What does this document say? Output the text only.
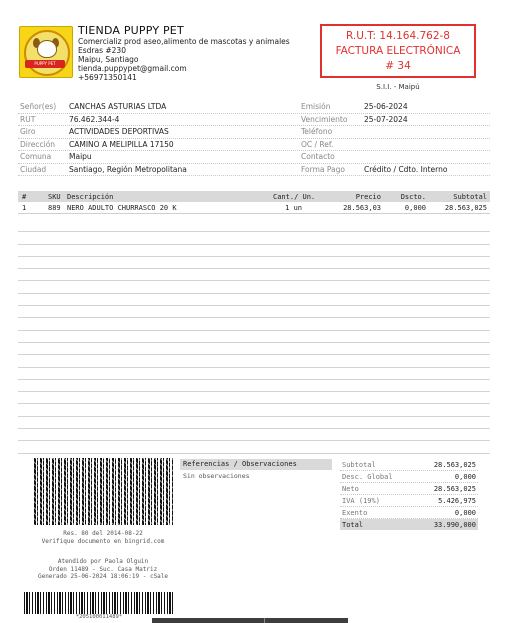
PUPPY PET
TIENDA PUPPY PET
Comercializ prod aseo,alimento de mascotas y animales
Esdras #230
Maipu, Santiago
tienda.puppypet@gmail.com
+56971350141
R.U.T: 14.164.762-8
FACTURA ELECTRÓNICA
# 34
S.I.I. - Maipú
Señor(es) CANCHAS ASTURIAS LTDA	Emisión	25-06-2024
RUT	76.462.344-4	Vencimiento 25-07-2024
Giro	ACTIVIDADES DEPORTIVAS	Teléfono
Dirección CAMINO A MELIPILLA 17150	OC / Ref.
Comuna Maipu	Contacto
Ciudad	Santiago, Región Metropolitana	Forma Pago	Crédito / Cdto. Interno
#	SKU Descripción	Cant./ Un.	Precio	Dscto.	Subtotal
1	889 NERO ADULTO CHURRASCO 20 K	1 un	28.563,03	0,000	28.563,025
Res. 80 del 2014-08-22
Verifique documento en bingrid.com
Atendido por Paola Olguin
Orden 11489 - Suc. Casa Matriz
Generado 25-06-2024 18:06:19 - cSale
*205100011489*
Referencias / Observaciones
Sin observaciones
Subtotal	28.563,025
Desc. Global	0,000
Neto	28.563,025
IVA (19%)	5.426,975
Exento	0,000
Total	33.990,000
